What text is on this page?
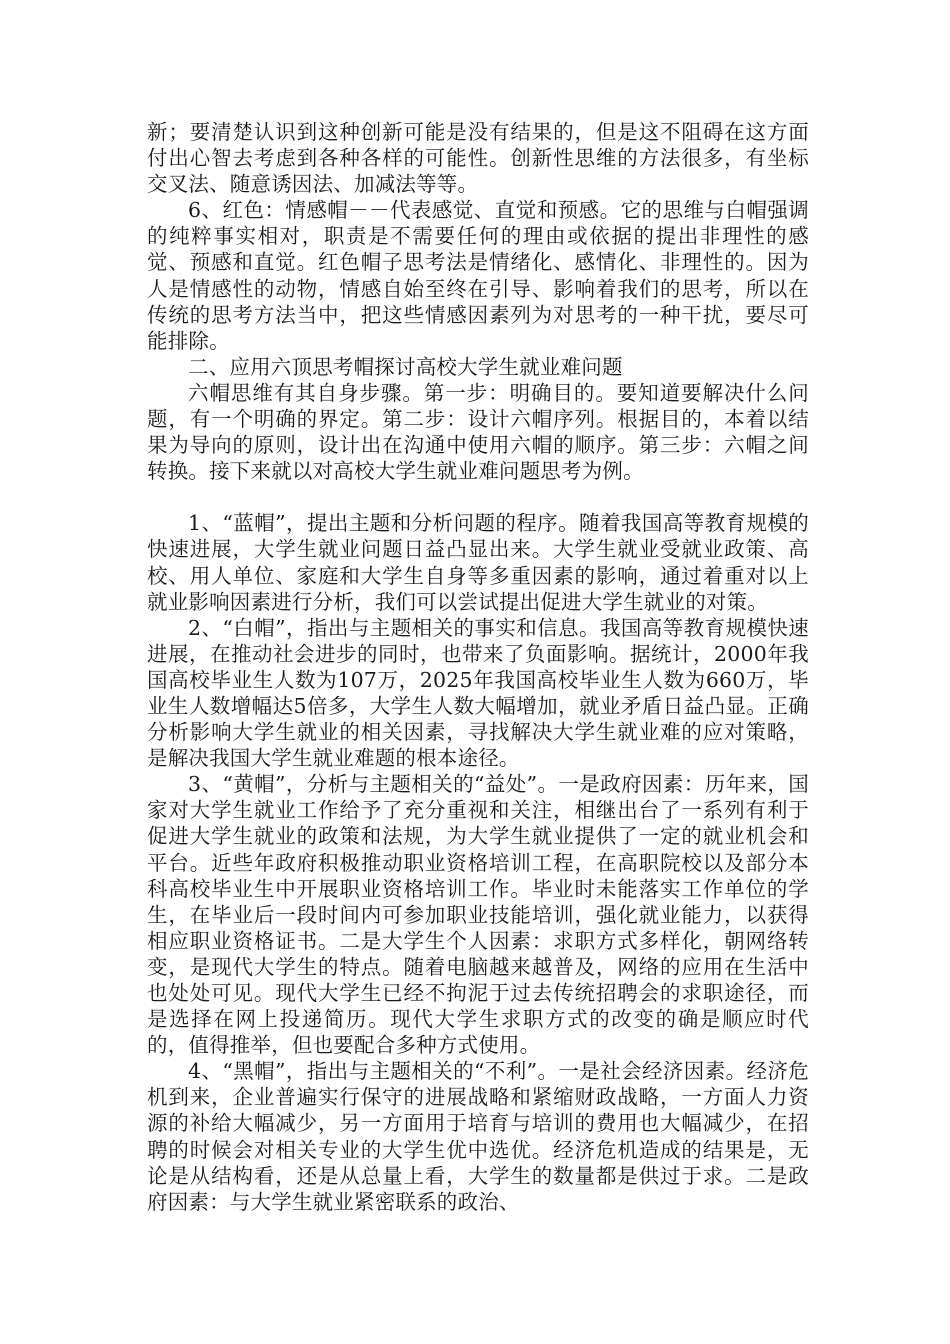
新；要清楚认识到这种创新可能是没有结果的，但是这不阻碍在这方面付出心智去考虑到各种各样的可能性。创新性思维的方法很多，有坐标交叉法、随意诱因法、加减法等等。

6、红色：情感帽－－代表感觉、直觉和预感。它的思维与白帽强调的纯粹事实相对，职责是不需要任何的理由或依据的提出非理性的感觉、预感和直觉。红色帽子思考法是情绪化、感情化、非理性的。因为人是情感性的动物，情感自始至终在引导、影响着我们的思考，所以在传统的思考方法当中，把这些情感因素列为对思考的一种干扰，要尽可能排除。

二、应用六顶思考帽探讨高校大学生就业难问题

六帽思维有其自身步骤。第一步：明确目的。要知道要解决什么问题，有一个明确的界定。第二步：设计六帽序列。根据目的，本着以结果为导向的原则，设计出在沟通中使用六帽的顺序。第三步：六帽之间转换。接下来就以对高校大学生就业难问题思考为例。

1、“蓝帽”，提出主题和分析问题的程序。随着我国高等教育规模的快速进展，大学生就业问题日益凸显出来。大学生就业受就业政策、高校、用人单位、家庭和大学生自身等多重因素的影响，通过着重对以上就业影响因素进行分析，我们可以尝试提出促进大学生就业的对策。

2、“白帽”，指出与主题相关的事实和信息。我国高等教育规模快速进展，在推动社会进步的同时，也带来了负面影响。据统计，2000年我国高校毕业生人数为107万，2025年我国高校毕业生人数为660万，毕业生人数增幅达5倍多，大学生人数大幅增加，就业矛盾日益凸显。正确分析影响大学生就业的相关因素，寻找解决大学生就业难的应对策略，是解决我国大学生就业难题的根本途径。

3、“黄帽”，分析与主题相关的“益处”。一是政府因素：历年来，国家对大学生就业工作给予了充分重视和关注，相继出台了一系列有利于促进大学生就业的政策和法规，为大学生就业提供了一定的就业机会和平台。近些年政府积极推动职业资格培训工程，在高职院校以及部分本科高校毕业生中开展职业资格培训工作。毕业时未能落实工作单位的学生，在毕业后一段时间内可参加职业技能培训，强化就业能力，以获得相应职业资格证书。二是大学生个人因素：求职方式多样化，朝网络转变，是现代大学生的特点。随着电脑越来越普及，网络的应用在生活中也处处可见。现代大学生已经不拘泥于过去传统招聘会的求职途径，而是选择在网上投递简历。现代大学生求职方式的改变的确是顺应时代的，值得推举，但也要配合多种方式使用。

4、“黑帽”，指出与主题相关的“不利”。一是社会经济因素。经济危机到来，企业普遍实行保守的进展战略和紧缩财政战略，一方面人力资源的补给大幅减少，另一方面用于培育与培训的费用也大幅减少，在招聘的时候会对相关专业的大学生优中选优。经济危机造成的结果是，无论是从结构看，还是从总量上看，大学生的数量都是供过于求。二是政府因素：与大学生就业紧密联系的政治、
